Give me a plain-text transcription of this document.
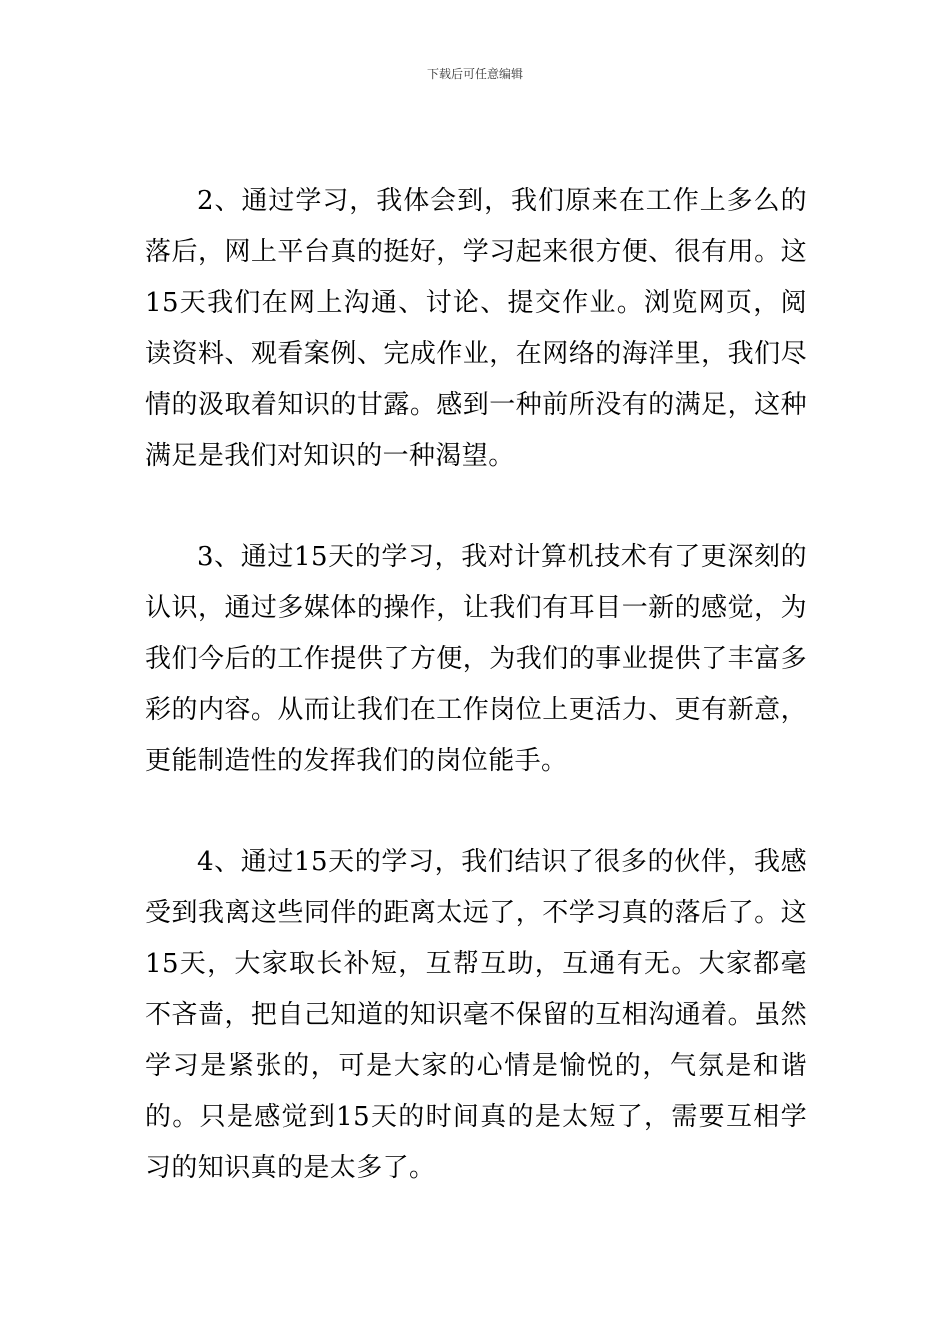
下载后可任意编辑

2、通过学习，我体会到，我们原来在工作上多么的落后，网上平台真的挺好，学习起来很方便、很有用。这15天我们在网上沟通、讨论、提交作业。浏览网页，阅读资料、观看案例、完成作业，在网络的海洋里，我们尽情的汲取着知识的甘露。感到一种前所没有的满足，这种满足是我们对知识的一种渴望。

3、通过15天的学习，我对计算机技术有了更深刻的认识，通过多媒体的操作，让我们有耳目一新的感觉，为我们今后的工作提供了方便，为我们的事业提供了丰富多彩的内容。从而让我们在工作岗位上更活力、更有新意，更能制造性的发挥我们的岗位能手。

4、通过15天的学习，我们结识了很多的伙伴，我感受到我离这些同伴的距离太远了，不学习真的落后了。这15天，大家取长补短，互帮互助，互通有无。大家都毫不吝啬，把自己知道的知识毫不保留的互相沟通着。虽然学习是紧张的，可是大家的心情是愉悦的，气氛是和谐的。只是感觉到15天的时间真的是太短了，需要互相学习的知识真的是太多了。
